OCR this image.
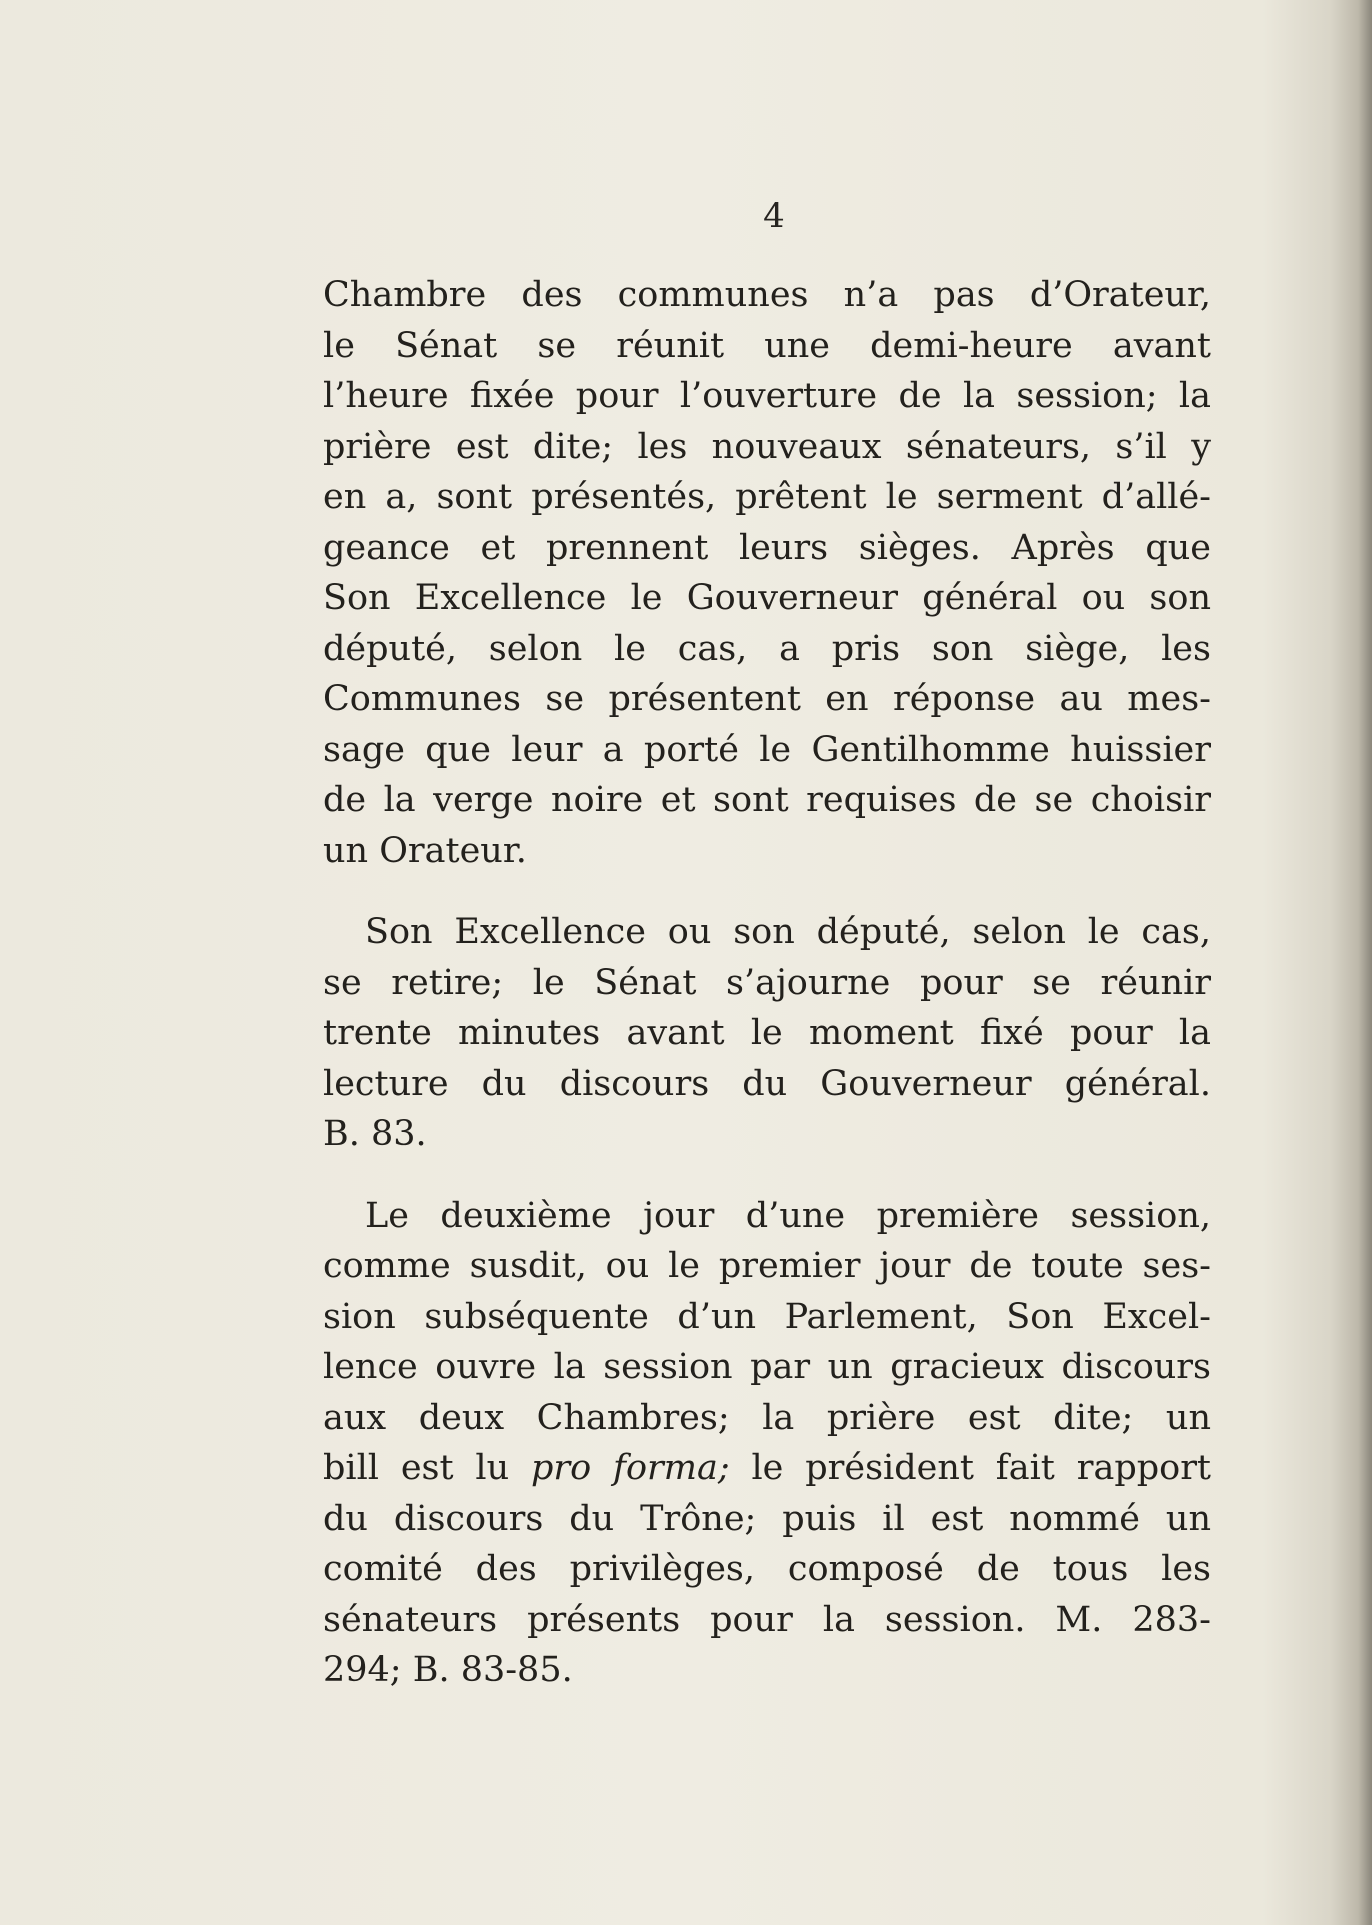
4

Chambre des communes n’a pas d’Orateur,
le Sénat se réunit une demi-heure avant
l’heure fixée pour l’ouverture de la session; la
prière est dite; les nouveaux sénateurs, s’il y
en a, sont présentés, prêtent le serment d’allé-
geance et prennent leurs sièges. Après que
Son Excellence le Gouverneur général ou son
député, selon le cas, a pris son siège, les
Communes se présentent en réponse au mes-
sage que leur a porté le Gentilhomme huissier
de la verge noire et sont requises de se choisir
un Orateur.

Son Excellence ou son député, selon le cas,
se retire; le Sénat s’ajourne pour se réunir
trente minutes avant le moment fixé pour la
lecture du discours du Gouverneur général.
B. 83.

Le deuxième jour d’une première session,
comme susdit, ou le premier jour de toute ses-
sion subséquente d’un Parlement, Son Excel-
lence ouvre la session par un gracieux discours
aux deux Chambres; la prière est dite; un
bill est lu pro forma; le président fait rapport
du discours du Trône; puis il est nommé un
comité des privilèges, composé de tous les
sénateurs présents pour la session. M. 283-
294; B. 83-85.
